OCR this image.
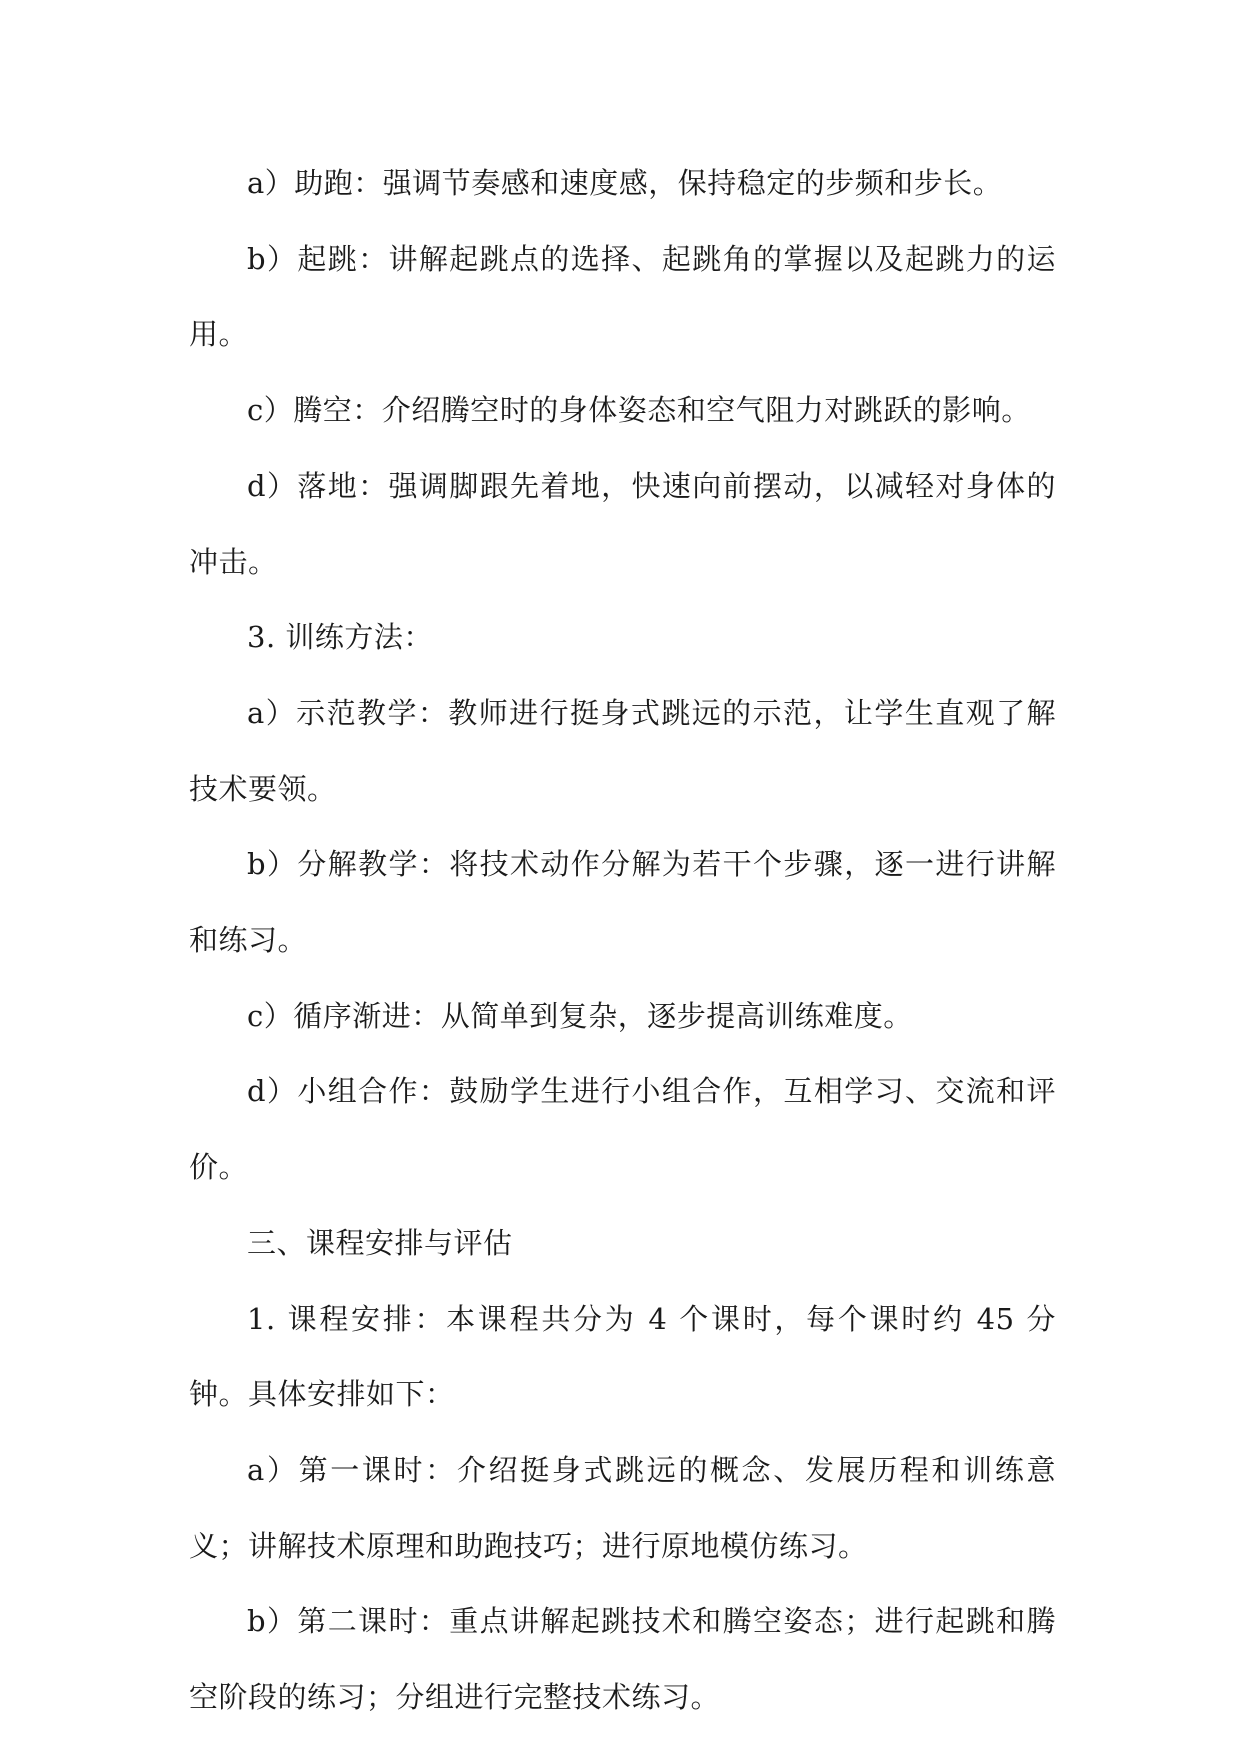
a）助跑：强调节奏感和速度感，保持稳定的步频和步长。

b）起跳：讲解起跳点的选择、起跳角的掌握以及起跳力的运用。

c）腾空：介绍腾空时的身体姿态和空气阻力对跳跃的影响。

d）落地：强调脚跟先着地，快速向前摆动，以减轻对身体的冲击。

3. 训练方法：

a）示范教学：教师进行挺身式跳远的示范，让学生直观了解技术要领。

b）分解教学：将技术动作分解为若干个步骤，逐一进行讲解和练习。

c）循序渐进：从简单到复杂，逐步提高训练难度。

d）小组合作：鼓励学生进行小组合作，互相学习、交流和评价。

三、课程安排与评估

1. 课程安排：本课程共分为 4 个课时，每个课时约 45 分钟。具体安排如下：

a）第一课时：介绍挺身式跳远的概念、发展历程和训练意义；讲解技术原理和助跑技巧；进行原地模仿练习。

b）第二课时：重点讲解起跳技术和腾空姿态；进行起跳和腾空阶段的练习；分组进行完整技术练习。
